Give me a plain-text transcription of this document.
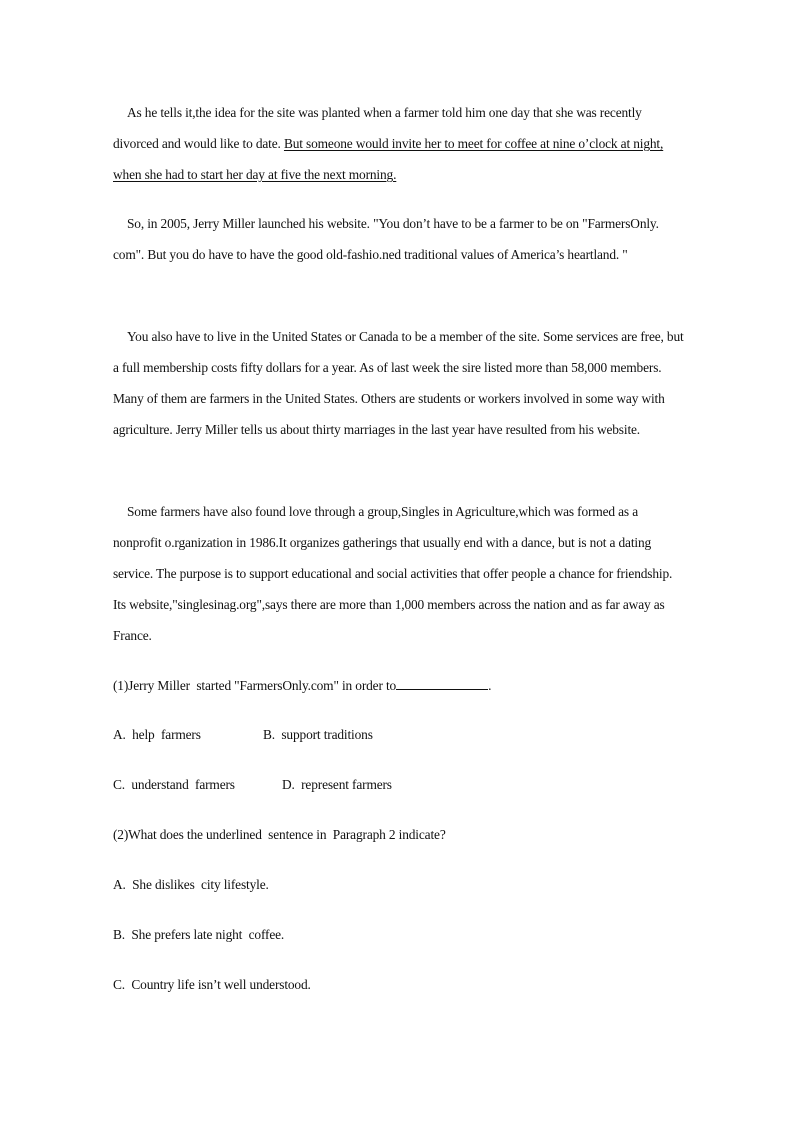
As he tells it,the idea for the site was planted when a farmer told him one day that she was recently divorced and would like to date. But someone would invite her to meet for coffee at nine o’clock at night, when she had to start her day at five the next morning.

So, in 2005, Jerry Miller launched his website. "You don’t have to be a farmer to be on "FarmersOnly. com". But you do have to have the good old-fashio.ned traditional values of America’s heartland. "

You also have to live in the United States or Canada to be a member of the site. Some services are free, but a full membership costs fifty dollars for a year. As of last week the sire listed more than 58,000 members. Many of them are farmers in the United States. Others are students or workers involved in some way with agriculture. Jerry Miller tells us about thirty marriages in the last year have resulted from his website.

Some farmers have also found love through a group,Singles in Agriculture,which was formed as a nonprofit o.rganization in 1986.It organizes gatherings that usually end with a dance, but is not a dating service. The purpose is to support educational and social activities that offer people a chance for friendship. Its website,"singlesinag.org",says there are more than 1,000 members across the nation and as far away as France.

(1)Jerry Miller  started "FarmersOnly.com" in order to	.
A.  help  farmers	B.  support traditions
C.  understand  farmers	D.  represent farmers
(2)What does the underlined  sentence in  Paragraph 2 indicate?
A.  She dislikes  city lifestyle.
B.  She prefers late night  coffee.
C.  Country life isn’t well understood.
